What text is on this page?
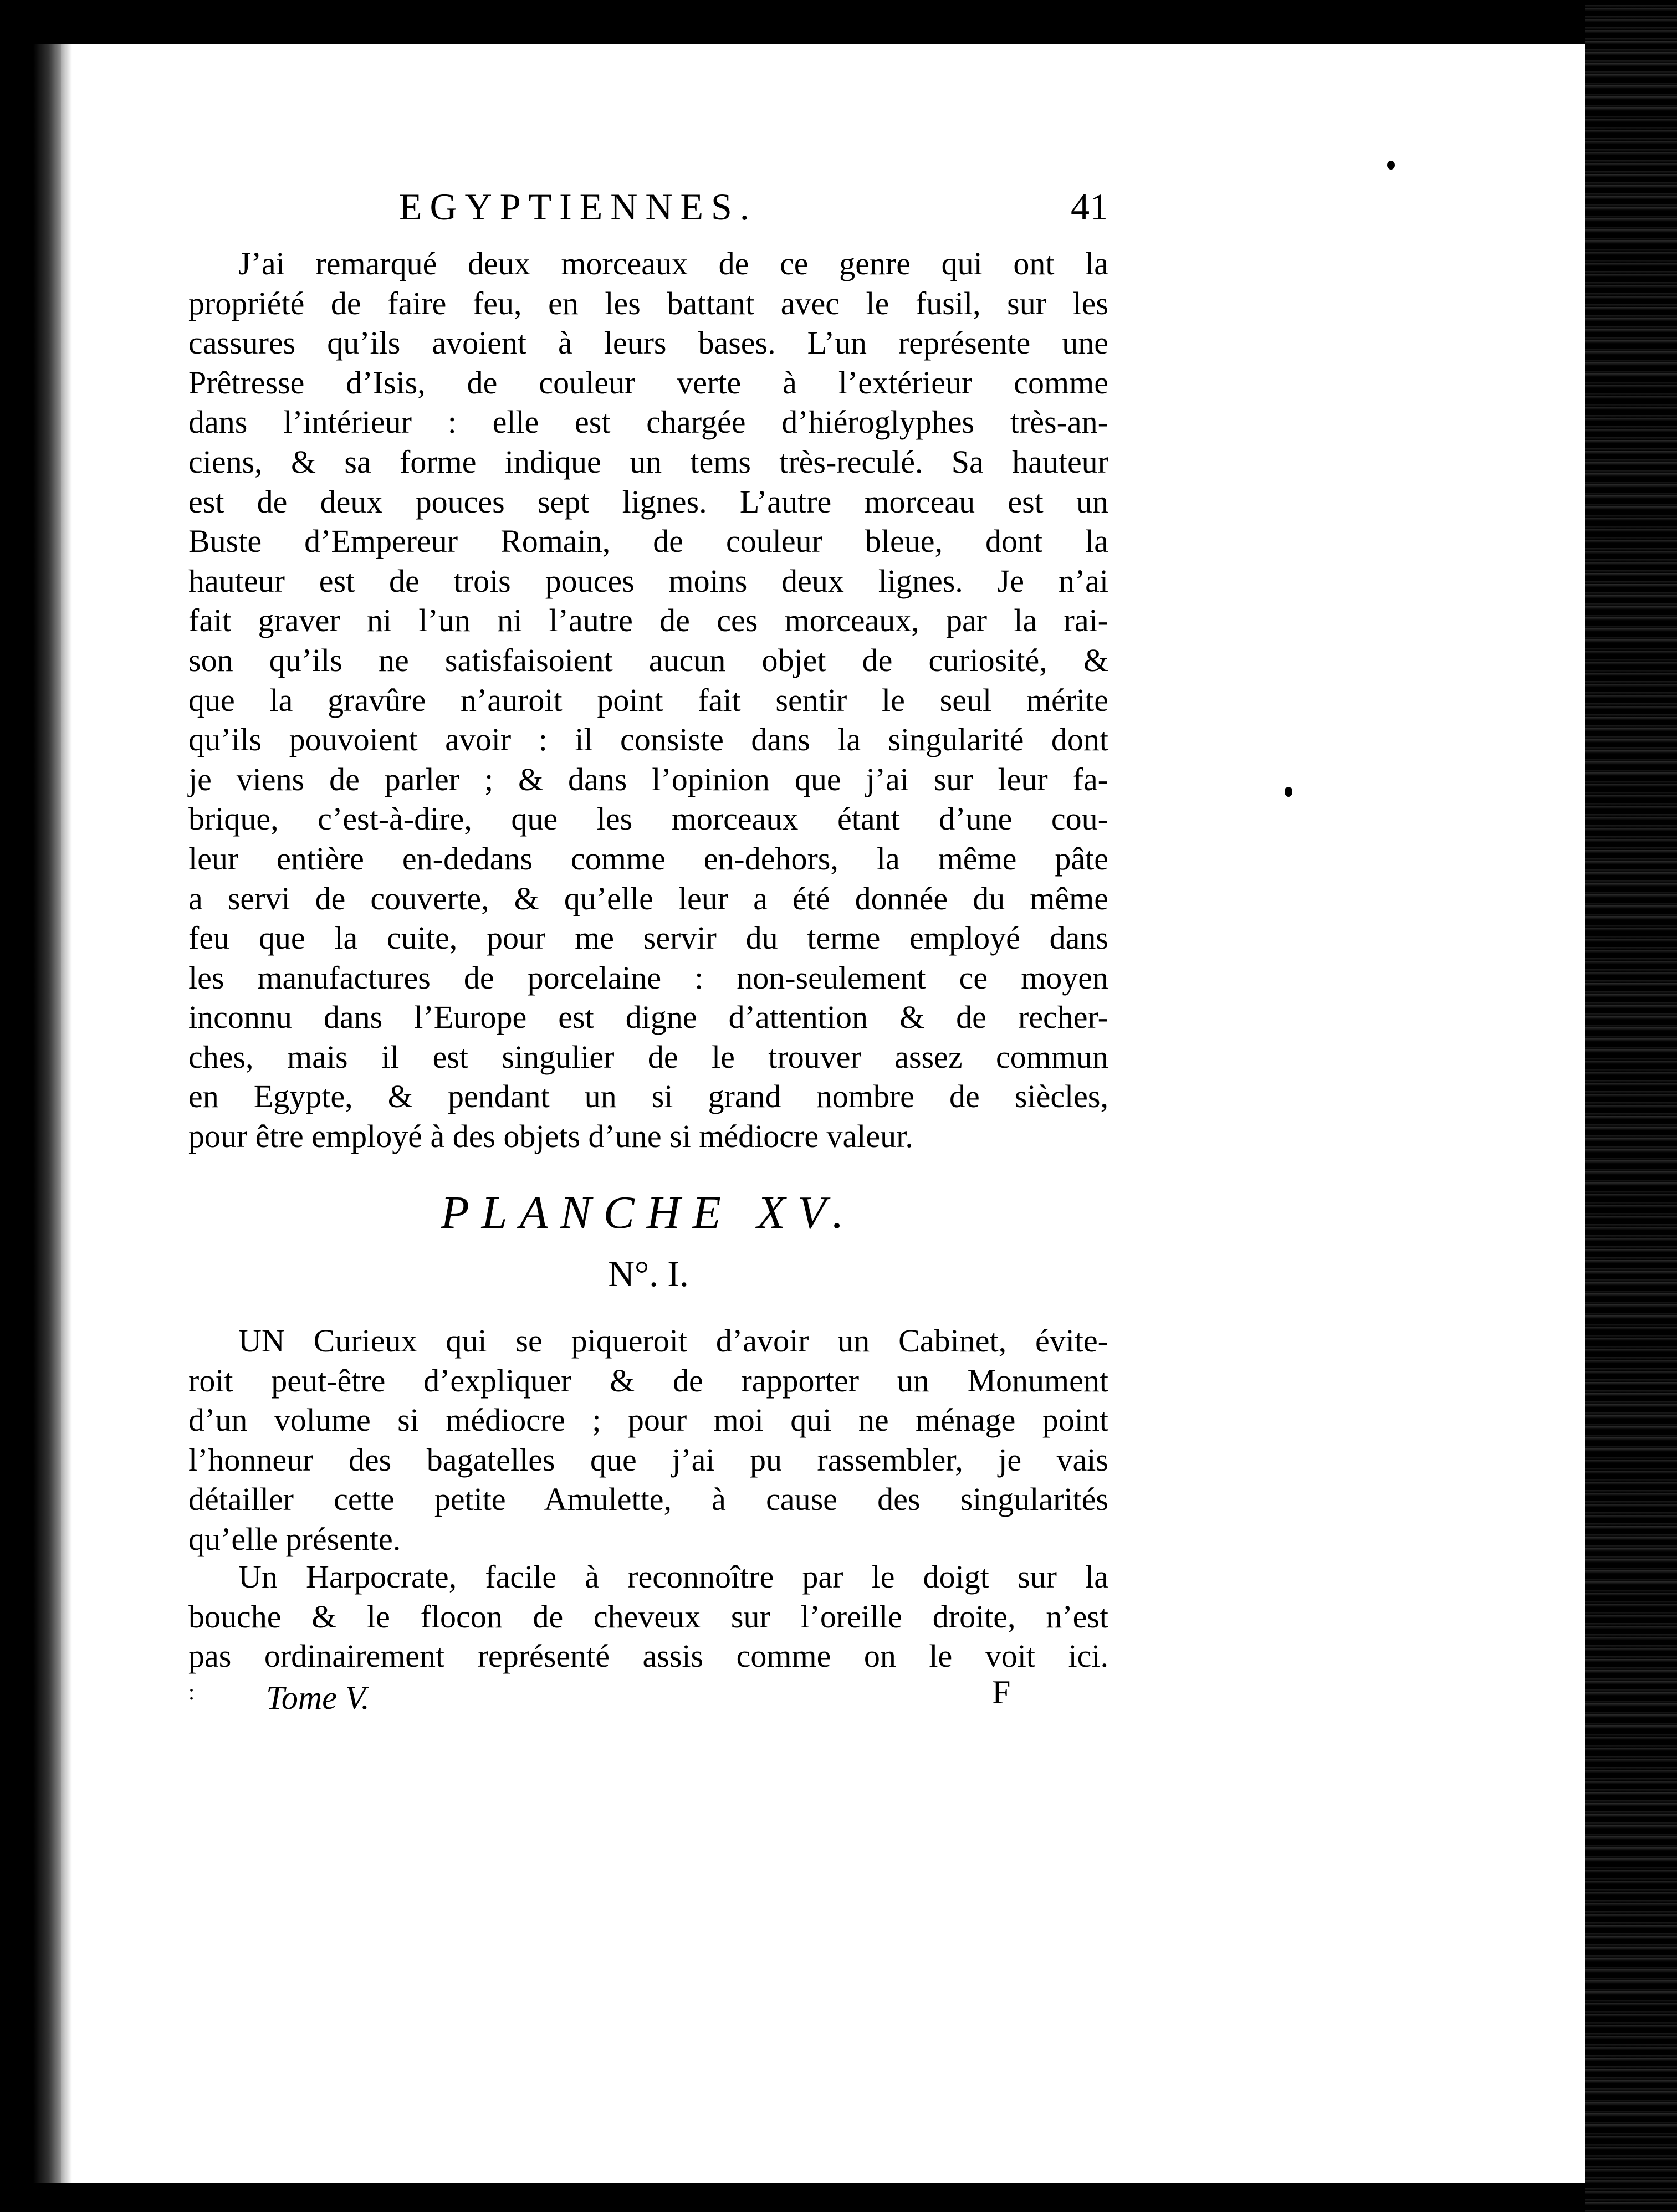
EGYPTIENNES.	41
J’ai remarqué deux morceaux de ce genre qui ont la
propriété de faire feu, en les battant avec le fusil, sur les
cassures qu’ils avoient à leurs bases. L’un représente une
Prêtresse d’Isis, de couleur verte à l’extérieur comme
dans l’intérieur : elle est chargée d’hiéroglyphes très-an-
ciens, & sa forme indique un tems très-reculé. Sa hauteur
est de deux pouces sept lignes. L’autre morceau est un
Buste d’Empereur Romain, de couleur bleue, dont la
hauteur est de trois pouces moins deux lignes. Je n’ai
fait graver ni l’un ni l’autre de ces morceaux, par la rai-
son qu’ils ne satisfaisoient aucun objet de curiosité, &
que la gravûre n’auroit point fait sentir le seul mérite
qu’ils pouvoient avoir : il consiste dans la singularité dont
je viens de parler ; & dans l’opinion que j’ai sur leur fa-
brique, c’est-à-dire, que les morceaux étant d’une cou-
leur entière en-dedans comme en-dehors, la même pâte
a servi de couverte, & qu’elle leur a été donnée du même
feu que la cuite, pour me servir du terme employé dans
les manufactures de porcelaine : non-seulement ce moyen
inconnu dans l’Europe est digne d’attention & de recher-
ches, mais il est singulier de le trouver assez commun
en Egypte, & pendant un si grand nombre de siècles,
pour être employé à des objets d’une si médiocre valeur.
PLANCHE XV.
N°. I.
UN Curieux qui se piqueroit d’avoir un Cabinet, évite-
roit peut-être d’expliquer & de rapporter un Monument
d’un volume si médiocre ; pour moi qui ne ménage point
l’honneur des bagatelles que j’ai pu rassembler, je vais
détailler cette petite Amulette, à cause des singularités
qu’elle présente.
Un Harpocrate, facile à reconnoître par le doigt sur la
bouche & le flocon de cheveux sur l’oreille droite, n’est
pas ordinairement représenté assis comme on le voit ici.
: Tome V.	F
